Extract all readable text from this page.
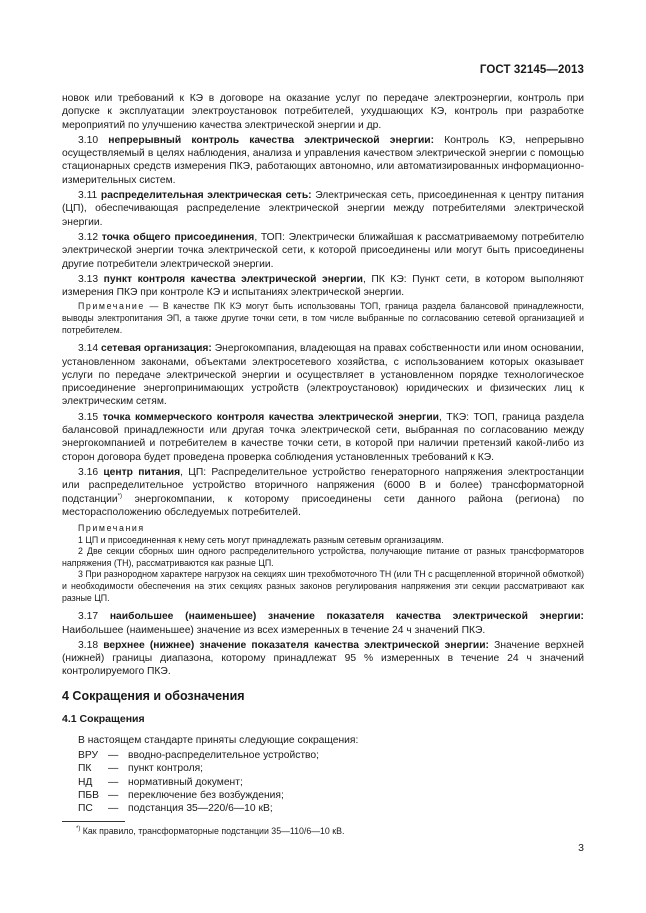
ГОСТ 32145—2013

новок или требований к КЭ в договоре на оказание услуг по передаче электроэнергии, контроль при допуске к эксплуатации электроустановок потребителей, ухудшающих КЭ, контроль при разработке мероприятий по улучшению качества электрической энергии и др.

3.10 непрерывный контроль качества электрической энергии: Контроль КЭ, непрерывно осуществляемый в целях наблюдения, анализа и управления качеством электрической энергии с помощью стационарных средств измерения ПКЭ, работающих автономно, или автоматизированных информационно-измерительных систем.

3.11 распределительная электрическая сеть: Электрическая сеть, присоединенная к центру питания (ЦП), обеспечивающая распределение электрической энергии между потребителями электрической энергии.

3.12 точка общего присоединения, ТОП: Электрически ближайшая к рассматриваемому потребителю электрической энергии точка электрической сети, к которой присоединены или могут быть присоединены другие потребители электрической энергии.

3.13 пункт контроля качества электрической энергии, ПК КЭ: Пункт сети, в котором выполняют измерения ПКЭ при контроле КЭ и испытаниях электрической энергии.

Примечание — В качестве ПК КЭ могут быть использованы ТОП, граница раздела балансовой принадлежности, выводы электропитания ЭП, а также другие точки сети, в том числе выбранные по согласованию сетевой организацией и потребителем.

3.14 сетевая организация: Энергокомпания, владеющая на правах собственности или ином основании, установленном законами, объектами электросетевого хозяйства, с использованием которых оказывает услуги по передаче электрической энергии и осуществляет в установленном порядке технологическое присоединение энергопринимающих устройств (электроустановок) юридических и физических лиц к электрическим сетям.

3.15 точка коммерческого контроля качества электрической энергии, ТКЭ: ТОП, граница раздела балансовой принадлежности или другая точка электрической сети, выбранная по согласованию между энергокомпанией и потребителем в качестве точки сети, в которой при наличии претензий какой-либо из сторон договора будет проведена проверка соблюдения установленных требований к КЭ.

3.16 центр питания, ЦП: Распределительное устройство генераторного напряжения электростанции или распределительное устройство вторичного напряжения (6000 В и более) трансформаторной подстанции*) энергокомпании, к которому присоединены сети данного района (региона) по месторасположению обследуемых потребителей.

Примечания

1 ЦП и присоединенная к нему сеть могут принадлежать разным сетевым организациям.

2 Две секции сборных шин одного распределительного устройства, получающие питание от разных трансформаторов напряжения (ТН), рассматриваются как разные ЦП.

3 При разнородном характере нагрузок на секциях шин трехобмоточного ТН (или ТН с расщепленной вторичной обмоткой) и необходимости обеспечения на этих секциях разных законов регулирования напряжения эти секции рассматривают как разные ЦП.

3.17 наибольшее (наименьшее) значение показателя качества электрической энергии: Наибольшее (наименьшее) значение из всех измеренных в течение 24 ч значений ПКЭ.

3.18 верхнее (нижнее) значение показателя качества электрической энергии: Значение верхней (нижней) границы диапазона, которому принадлежат 95 % измеренных в течение 24 ч значений контролируемого ПКЭ.

4 Сокращения и обозначения
4.1 Сокращения

В настоящем стандарте приняты следующие сокращения:

ВРУ — вводно-распределительное устройство;
ПК	— пункт контроля;
НД	— нормативный документ;
ПБВ — переключение без возбуждения;
ПС	— подстанция 35—220/6—10 кВ;
*) Как правило, трансформаторные подстанции 35—110/6—10 кВ.
3
